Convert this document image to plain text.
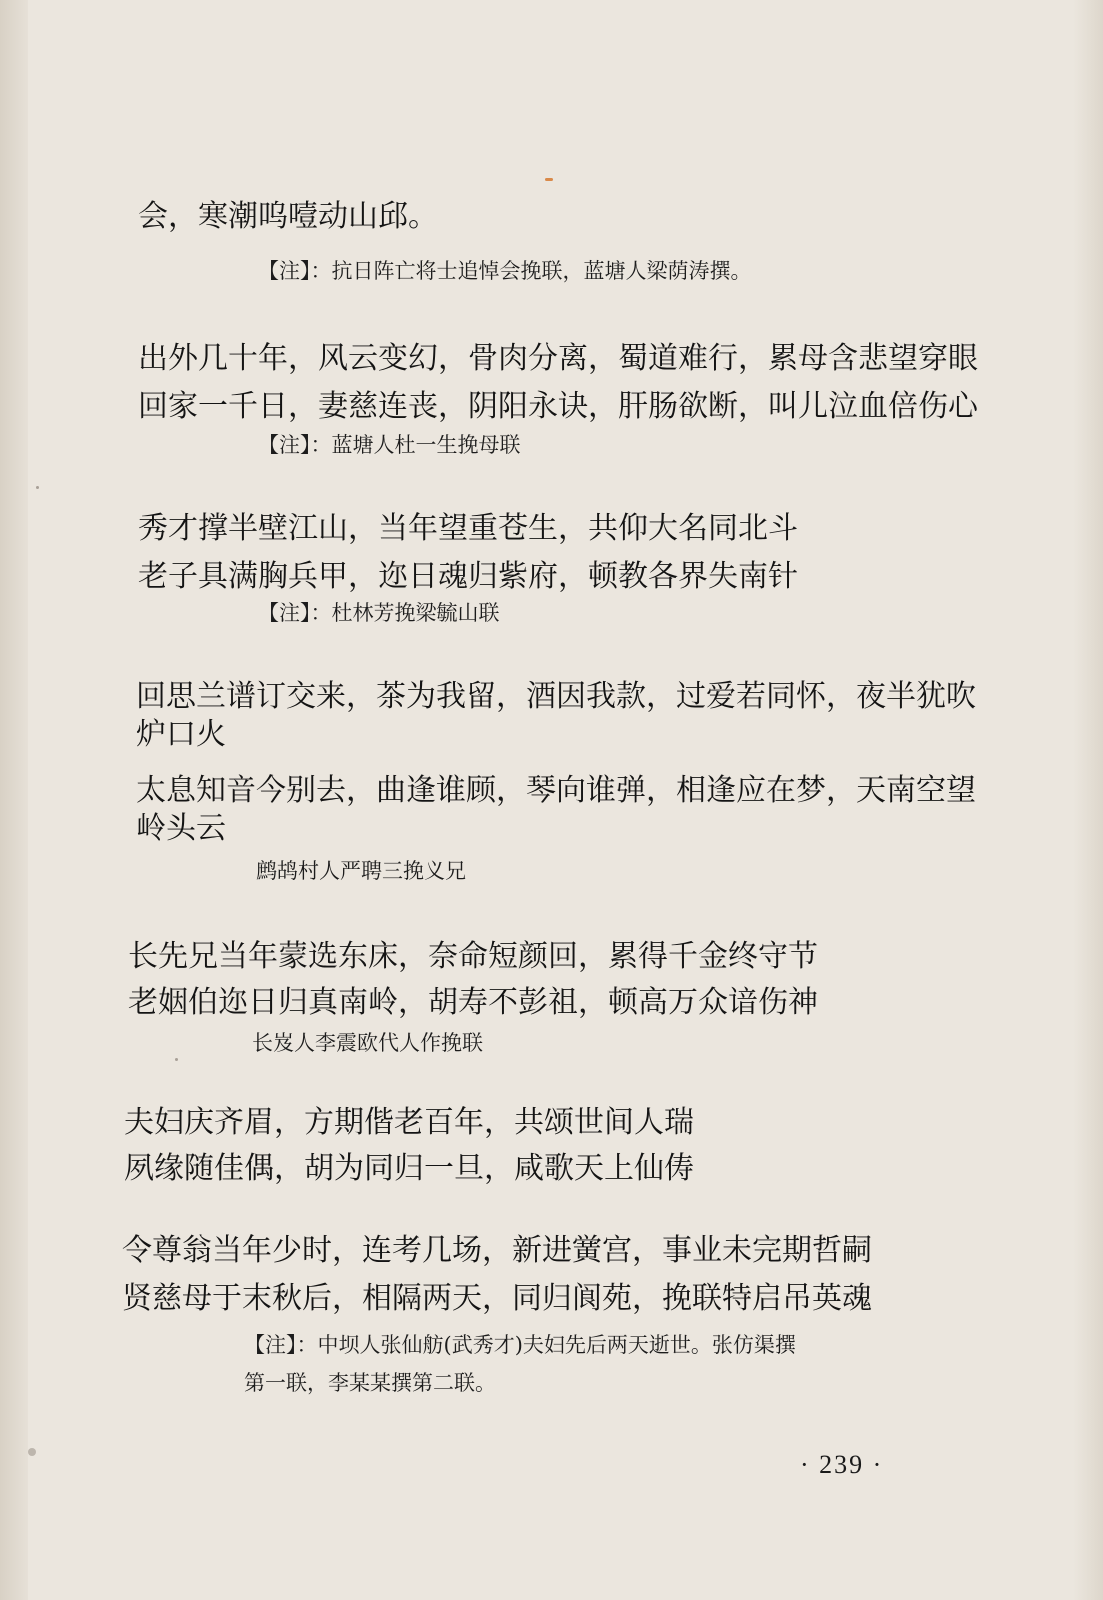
会，寒潮呜噎动山邱。
【注】：抗日阵亡将士追悼会挽联，蓝塘人梁荫涛撰。
出外几十年，风云变幻，骨肉分离，蜀道难行，累母含悲望穿眼
回家一千日，妻慈连丧，阴阳永诀，肝肠欲断，叫儿泣血倍伤心
【注】：蓝塘人杜一生挽母联
秀才撑半壁江山，当年望重苍生，共仰大名同北斗
老子具满胸兵甲，迩日魂归紫府，顿教各界失南针
【注】：杜林芳挽梁毓山联
回思兰谱订交来，茶为我留，酒因我款，过爱若同怀，夜半犹吹
炉口火
太息知音今别去，曲逢谁顾，琴向谁弹，相逢应在梦，天南空望
岭头云
鹧鸪村人严聘三挽义兄
长先兄当年蒙选东床，奈命短颜回，累得千金终守节
老姻伯迩日归真南岭，胡寿不彭祖，顿高万众谙伤神
长岌人李震欧代人作挽联
夫妇庆齐眉，方期偕老百年，共颂世间人瑞
夙缘随佳偶，胡为同归一旦，咸歌天上仙俦
令尊翁当年少时，连考几场，新进黉宫，事业未完期哲嗣
贤慈母于末秋后，相隔两天，同归阆苑，挽联特启吊英魂
【注】：中坝人张仙舫(武秀才)夫妇先后两天逝世。张仿渠撰
第一联，李某某撰第二联。
· 239 ·
